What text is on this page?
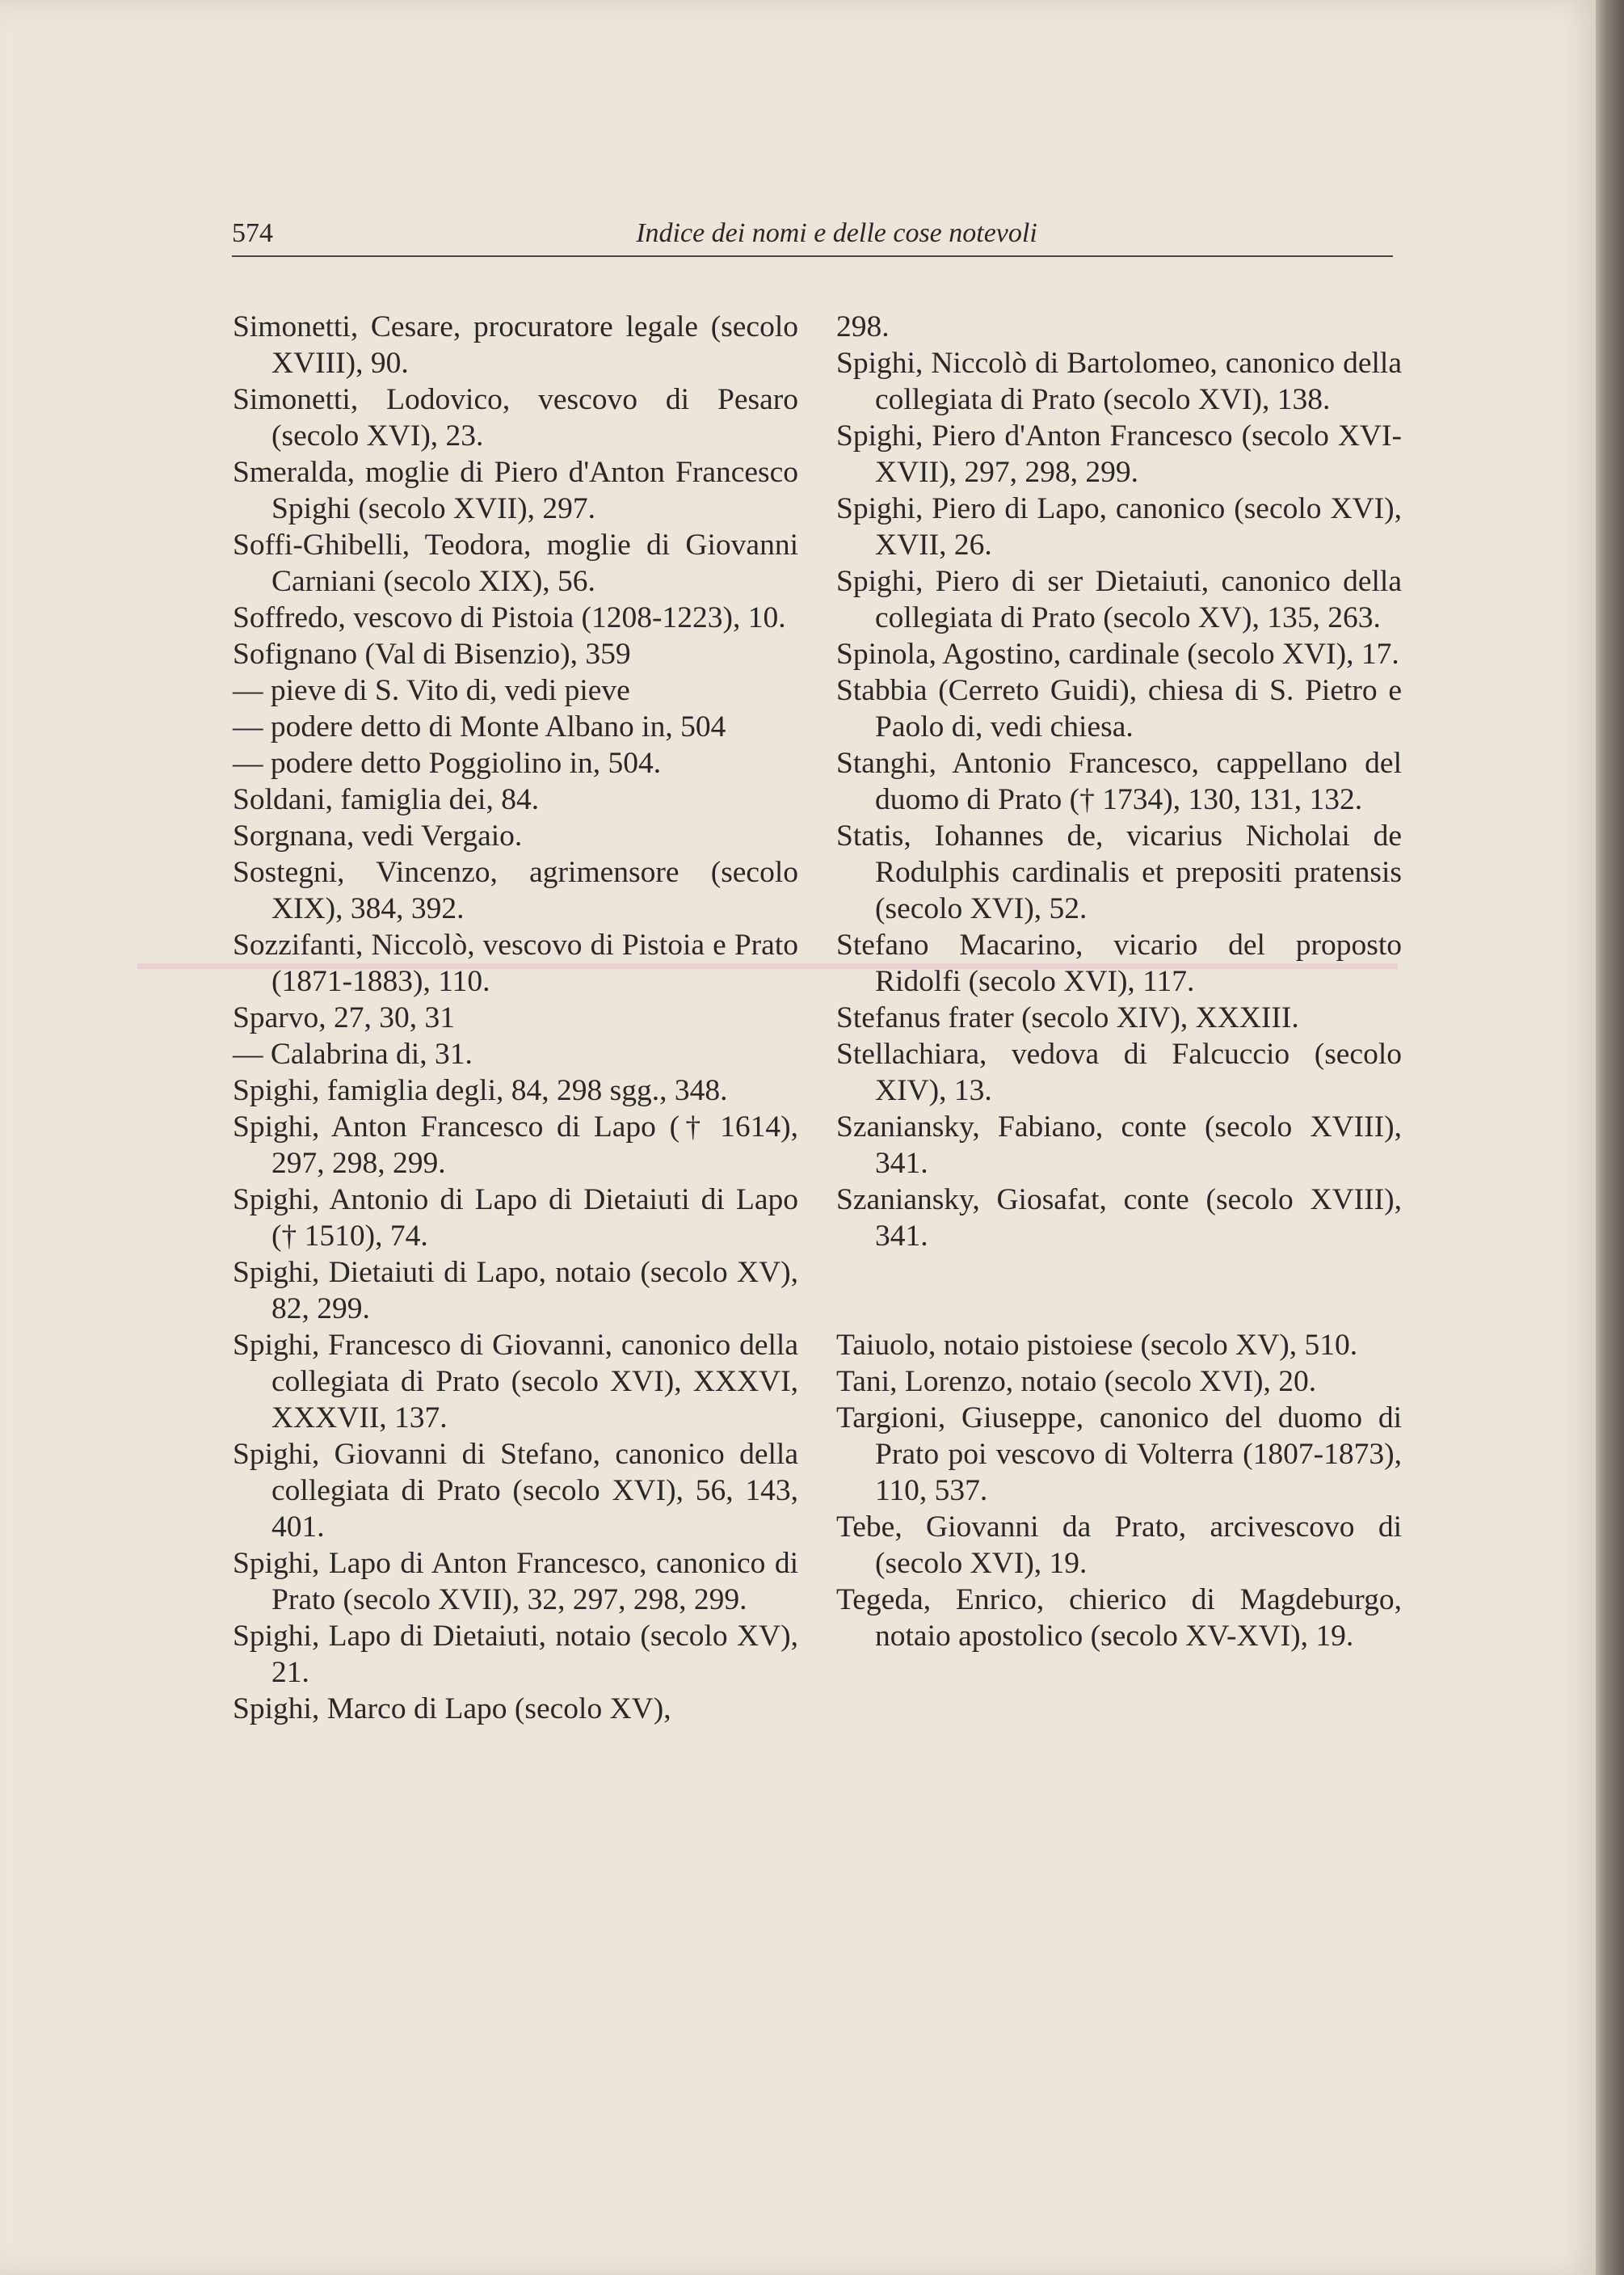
574	Indice dei nomi e delle cose notevoli

Simonetti, Cesare, procuratore legale (secolo XVIII), 90.

Simonetti, Lodovico, vescovo di Pesaro (secolo XVI), 23.

Smeralda, moglie di Piero d'Anton Francesco Spighi (secolo XVII), 297.

Soffi-Ghibelli, Teodora, moglie di Giovanni Carniani (secolo XIX), 56.

Soffredo, vescovo di Pistoia (1208-1223), 10.

Sofignano (Val di Bisenzio), 359

— pieve di S. Vito di, vedi pieve

— podere detto di Monte Albano in, 504

— podere detto Poggiolino in, 504.

Soldani, famiglia dei, 84.

Sorgnana, vedi Vergaio.

Sostegni, Vincenzo, agrimensore (secolo XIX), 384, 392.

Sozzifanti, Niccolò, vescovo di Pistoia e Prato (1871-1883), 110.

Sparvo, 27, 30, 31

— Calabrina di, 31.

Spighi, famiglia degli, 84, 298 sgg., 348.

Spighi, Anton Francesco di Lapo († 1614), 297, 298, 299.

Spighi, Antonio di Lapo di Dietaiuti di Lapo († 1510), 74.

Spighi, Dietaiuti di Lapo, notaio (secolo XV), 82, 299.

Spighi, Francesco di Giovanni, canonico della collegiata di Prato (secolo XVI), XXXVI, XXXVII, 137.

Spighi, Giovanni di Stefano, canonico della collegiata di Prato (secolo XVI), 56, 143, 401.

Spighi, Lapo di Anton Francesco, canonico di Prato (secolo XVII), 32, 297, 298, 299.

Spighi, Lapo di Dietaiuti, notaio (secolo XV), 21.

Spighi, Marco di Lapo (secolo XV),

298.

Spighi, Niccolò di Bartolomeo, canonico della collegiata di Prato (secolo XVI), 138.

Spighi, Piero d'Anton Francesco (secolo XVI-XVII), 297, 298, 299.

Spighi, Piero di Lapo, canonico (secolo XVI), XVII, 26.

Spighi, Piero di ser Dietaiuti, canonico della collegiata di Prato (secolo XV), 135, 263.

Spinola, Agostino, cardinale (secolo XVI), 17.

Stabbia (Cerreto Guidi), chiesa di S. Pietro e Paolo di, vedi chiesa.

Stanghi, Antonio Francesco, cappellano del duomo di Prato († 1734), 130, 131, 132.

Statis, Iohannes de, vicarius Nicholai de Rodulphis cardinalis et prepositi pratensis (secolo XVI), 52.

Stefano Macarino, vicario del proposto Ridolfi (secolo XVI), 117.

Stefanus frater (secolo XIV), XXXIII.

Stellachiara, vedova di Falcuccio (secolo XIV), 13.

Szaniansky, Fabiano, conte (secolo XVIII), 341.

Szaniansky, Giosafat, conte (secolo XVIII), 341.

Taiuolo, notaio pistoiese (secolo XV), 510.

Tani, Lorenzo, notaio (secolo XVI), 20.

Targioni, Giuseppe, canonico del duomo di Prato poi vescovo di Volterra (1807-1873), 110, 537.

Tebe, Giovanni da Prato, arcivescovo di (secolo XVI), 19.

Tegeda, Enrico, chierico di Magdeburgo, notaio apostolico (secolo XV-XVI), 19.
